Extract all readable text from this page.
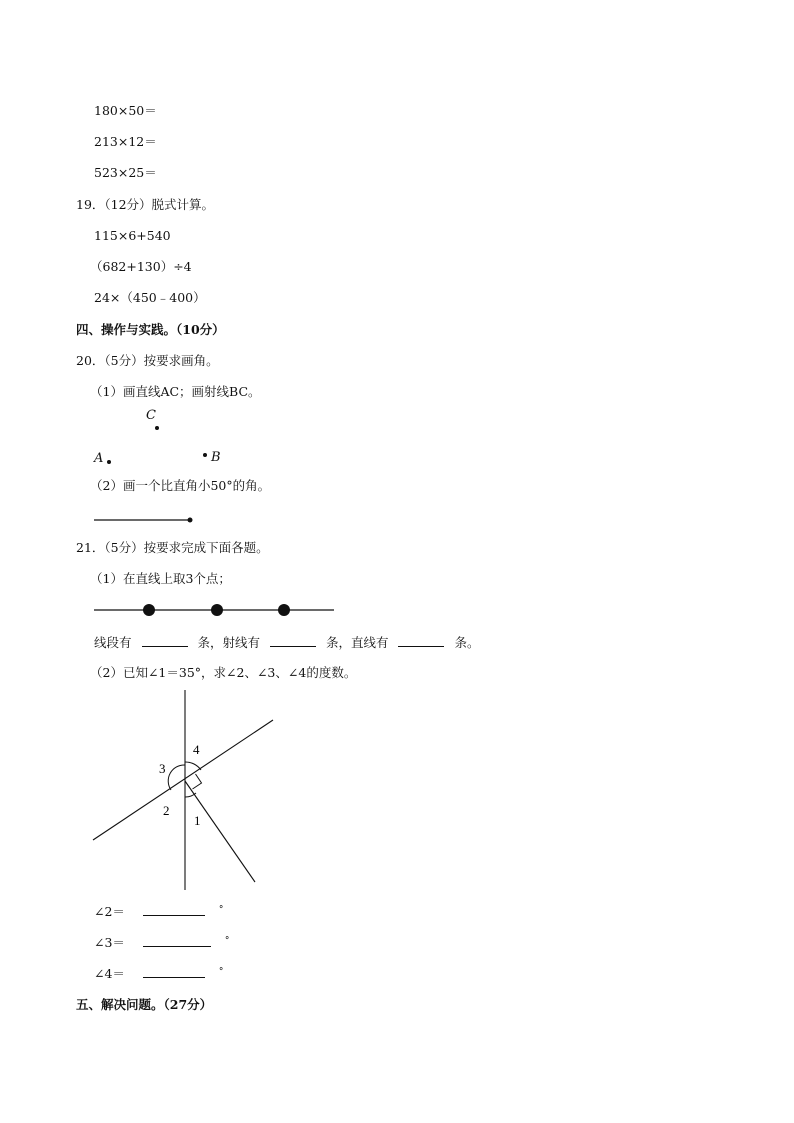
180×50＝
213×12＝
523×25＝
19．（12分）脱式计算。
115×6+540
（682+130）÷4
24×（450﹣400）
四、操作与实践。（10分）
20．（5分）按要求画角。
（1）画直线AC；画射线BC。
C
A	B
（2）画一个比直角小50°的角。
21．（5分）按要求完成下面各题。
（1）在直线上取3个点；
线段有	条，射线有	条，直线有	条。
（2）已知∠1＝35°，求∠2、∠3、∠4的度数。
1
2
3
4
∠2＝	°
∠3＝	°
∠4＝	°
五、解决问题。（27分）
